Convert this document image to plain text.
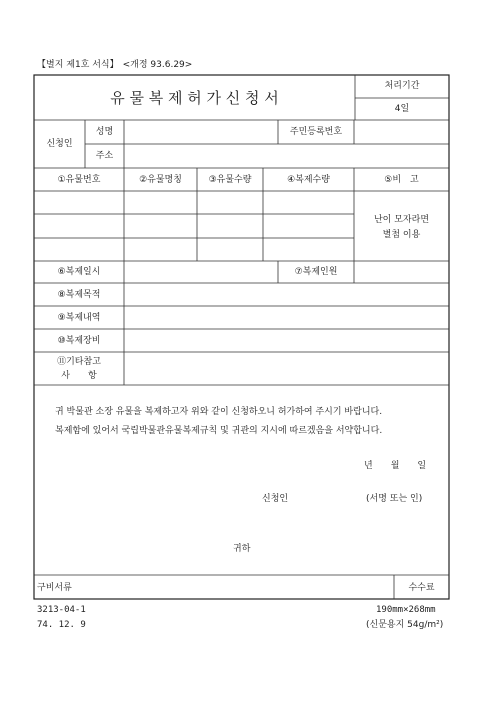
【별지 제1호 서식】 <개정 93.6.29>
유 물 복 제 허 가 신 청 서
처리기간
4일
신청인
성명	주민등록번호
주소
①유물번호	②유물명칭	③유물수량	④복제수량	⑤비　고
난이 모자라면 별첨 이용
⑥복제일시	⑦복제인원
⑧복제목적
⑨복제내역
⑩복제장비
⑪기타참고
사　　항
귀 박물관 소장 유물을 복제하고자 위와 같이 신청하오니 허가하여 주시기 바랍니다.
복제함에 있어서 국립박물관유물복제규칙 및 귀관의 지시에 따르겠음을 서약합니다.
년　　월　　일
신청인	(서명 또는 인)
귀하
구비서류	수수료
3213-04-1
74. 12. 9
190mm×268mm
(신문용지 54g/m²)
